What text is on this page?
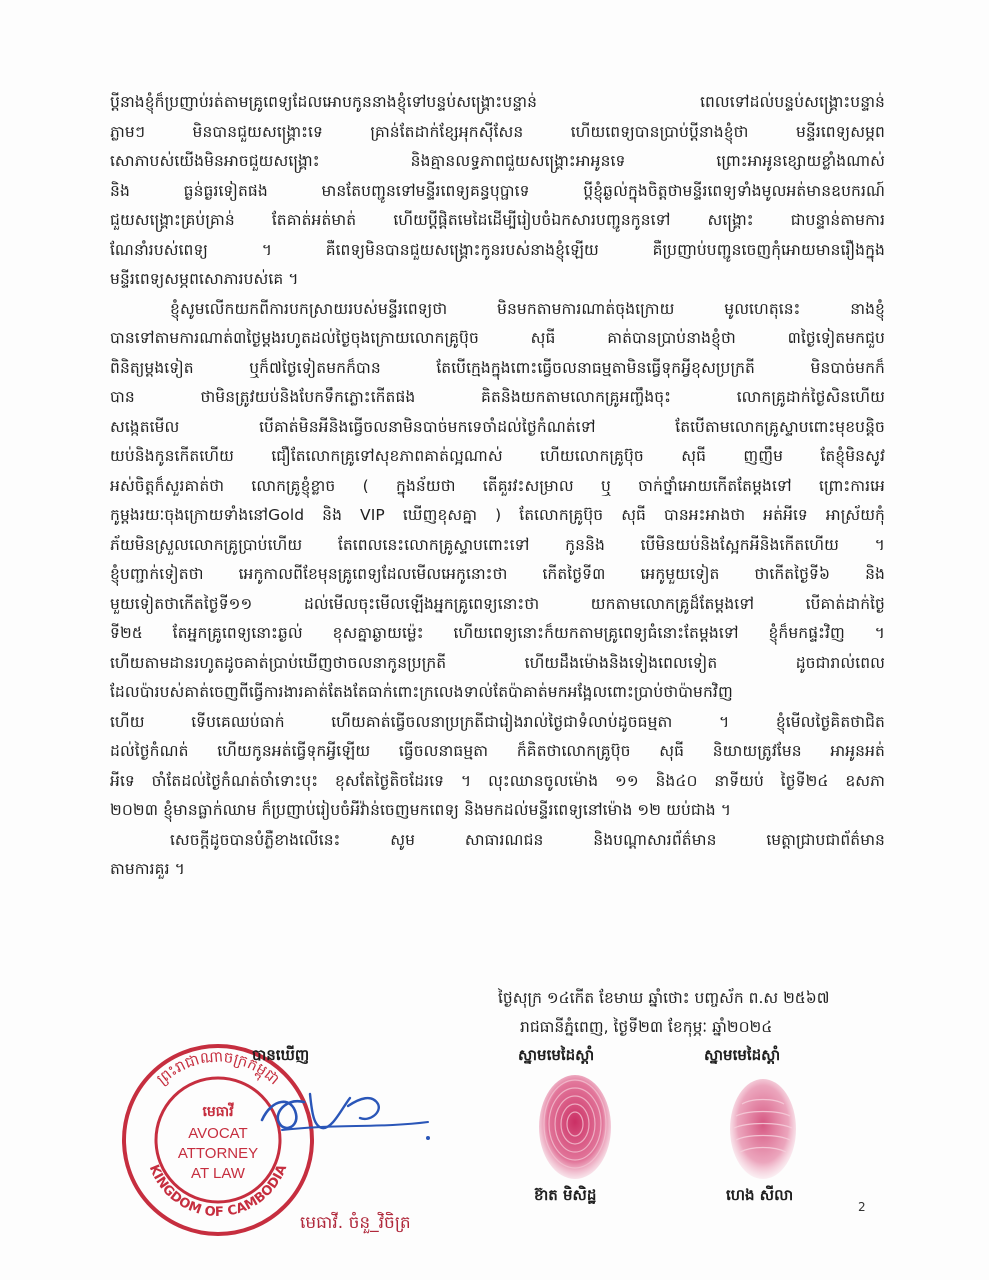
ប្ដីនាងខ្ញុំក៏ប្រញាប់រត់តាមគ្រូពេទ្យដែលអោបកូននាងខ្ញុំទៅបន្ទប់សង្គ្រោះបន្ទាន់ ពេលទៅដល់បន្ទប់សង្គ្រោះបន្ទាន់
ភ្លាមៗ មិនបានជួយសង្គ្រោះទេ គ្រាន់តែដាក់ខ្សែអុកស៊ីសែន ហើយពេទ្យបានប្រាប់ប្ដីនាងខ្ញុំថា មន្ទីរពេទ្យសម្ភព
សោភាបស់យើងមិនអាចជួយសង្គ្រោះ និងគ្មានលទ្ធភាពជួយសង្គ្រោះអាអូនទេ ព្រោះអាអូនខ្សោយខ្លាំងណាស់
និង ធ្ងន់ធ្ងរទៀតផង មានតែបញ្ជូនទៅមន្ទីរពេទ្យគន្ធបុប្ផាទេ ប្ដីខ្ញុំឆ្ងល់ក្នុងចិត្តថាមន្ទីរពេទ្យទាំងមូលអត់មានឧបករណ៍
ជួយសង្គ្រោះគ្រប់គ្រាន់ តែគាត់អត់មាត់ ហើយប្ដីផ្ដិតមេដៃដើម្បីរៀបចំឯកសារបញ្ជូនកូនទៅ សង្គ្រោះ ជាបន្ទាន់តាមការ
ណែនាំរបស់ពេទ្យ ។ គឺពេទ្យមិនបានជួយសង្គ្រោះកូនរបស់នាងខ្ញុំឡើយ គឺប្រញាប់បញ្ជូនចេញកុំអោយមានរឿងក្នុង
មន្ទីរពេទ្យសម្ភពសោភារបស់គេ ។
ខ្ញុំសូមលើកយកពីការបកស្រាយរបស់មន្ទីរពេទ្យថា មិនមកតាមការណាត់ចុងក្រោយ មូលហេតុនេះ នាងខ្ញុំ
បានទៅតាមការណាត់៣ថ្ងៃម្ដងរហូតដល់ថ្ងៃចុងក្រោយលោកគ្រូប៊ុច សុធី គាត់បានប្រាប់នាងខ្ញុំថា ៣ថ្ងៃទៀតមកជួប
ពិនិត្យម្ដងទៀត ឬក៏៧ថ្ងៃទៀតមកក៏បាន តែបើក្មេងក្នុងពោះធ្វើចលនាធម្មតាមិនធ្វើទុកអ្វីខុសប្រក្រតី មិនបាច់មកក៏
បាន ថាមិនត្រូវយប់និងបែកទឹកភ្លោះកើតផង គិតនិងយកតាមលោកគ្រូអញ្ចឹងចុះ លោកគ្រូដាក់ថ្ងៃសិនហើយ
សង្កេតមើល បើគាត់មិនអីនិងធ្វើចលនាមិនបាច់មកទេចាំដល់ថ្ងៃកំណត់ទៅ តែបើតាមលោកគ្រូស្ទាបពោះមុខបន្តិច
យប់និងកូនកើតហើយ ជឿតែលោកគ្រូទៅសុខភាពគាត់ល្អណាស់ ហើយលោកគ្រូប៊ុច សុធី ញញឹម តែខ្ញុំមិនសូវ
អស់ចិត្តក៏សួរគាត់ថា លោកគ្រូខ្ញុំខ្លាច ( ក្នុងន័យថា តើគួរវះសម្រាល ឬ ចាក់ថ្នាំអោយកើតតែម្ដងទៅ ព្រោះការអេ
កូម្ដងរយៈចុងក្រោយទាំងនៅGold និង VIP ឃើញខុសគ្នា ) តែលោកគ្រូប៊ុច សុធី បានអះអាងថា អត់អីទេ អាស្រ័យកុំ
ភ័យមិនស្រួលលោកគ្រូប្រាប់ហើយ តែពេលនេះលោកគ្រូស្ទាបពោះទៅ កូននិង បើមិនយប់និងស្អែកអីនិងកើតហើយ ។
ខ្ញុំបញ្ជាក់ទៀតថា អេកូកាលពីខែមុនគ្រូពេទ្យដែលមើលអេកូនោះថា កើតថ្ងៃទី៣ អេកូមួយទៀត ថាកើតថ្ងៃទី៦ និង
មួយទៀតថាកើតថ្ងៃទី១១ ដល់មើលចុះមើលឡើងអ្នកគ្រូពេទ្យនោះថា យកតាមលោកគ្រូដ៏តែម្ដងទៅ បើគាត់ដាក់ថ្ងៃ
ទី២៥ តែអ្នកគ្រូពេទ្យនោះឆ្ងល់ ខុសគ្នាឆ្ងាយម្ល៉េះ ហើយពេទ្យនោះក៏យកតាមគ្រូពេទ្យធំនោះតែម្ដងទៅ ខ្ញុំក៏មកផ្ទះវិញ ។
ហើយតាមដានរហូតដូចគាត់ប្រាប់ឃើញថាចលនាកូនប្រក្រតី ហើយដឹងម៉ោងនិងទៀងពេលទៀត ដូចជារាល់ពេល
ដែលប៉ារបស់គាត់ចេញពីធ្វើការងារគាត់តែងតែធាក់ពោះក្រលេងទាល់តែប៉ាគាត់មកអង្អែលពោះប្រាប់ថាប៉ាមកវិញ
ហើយ ទើបគេឈប់ធាក់ ហើយគាត់ធ្វើចលនាប្រក្រតីជារៀងរាល់ថ្ងៃជាទំលាប់ដូចធម្មតា ។ ខ្ញុំមើលថ្ងៃគិតថាជិត
ដល់ថ្ងៃកំណត់ ហើយកូនអត់ធ្វើទុកអ្វីឡើយ ធ្វើចលនាធម្មតា ក៏គិតថាលោកគ្រូប៊ុច សុធី និយាយត្រូវមែន អាអូនអត់
អីទេ ចាំតែដល់ថ្ងៃកំណត់ចាំទោះបុះ ខុសតែថ្ងៃតិចដែរទេ ។ លុះឈានចូលម៉ោង ១១ និង៤០ នាទីយប់ ថ្ងៃទី២៤ ឧសភា
២០២៣ ខ្ញុំមានធ្លាក់ឈាម ក៏ប្រញាប់រៀបចំអីវ៉ាន់ចេញមកពេទ្យ និងមកដល់មន្ទីរពេទ្យនៅម៉ោង ១២ យប់ជាង ។
សេចក្ដីដូចបានបំភ្លឺខាងលើនេះ សូម សាធារណជន និងបណ្ដាសារព័ត៌មាន មេត្តាជ្រាបជាព័ត៌មាន
តាមការគួរ ។
ថ្ងៃសុក្រ ១៤កើត ខែមាឃ ឆ្នាំថោះ បញ្ចស័ក ព.ស ២៥៦៧
រាជធានីភ្នំពេញ, ថ្ងៃទី២៣ ខែកុម្ភៈ ឆ្នាំ២០២៤
ព្រះរាជាណាចក្រកម្ពុជា
KINGDOM OF CAMBODIA
មេធាវី
AVOCAT
ATTORNEY
AT LAW
បានឃើញ
មេធាវី. ចំនួ_វិចិត្រ
ស្នាមមេដៃស្ដាំ
ខ៊ាត មិសិដ្ឋ
ស្នាមមេដៃស្ដាំ
ហេង សីលា
2
